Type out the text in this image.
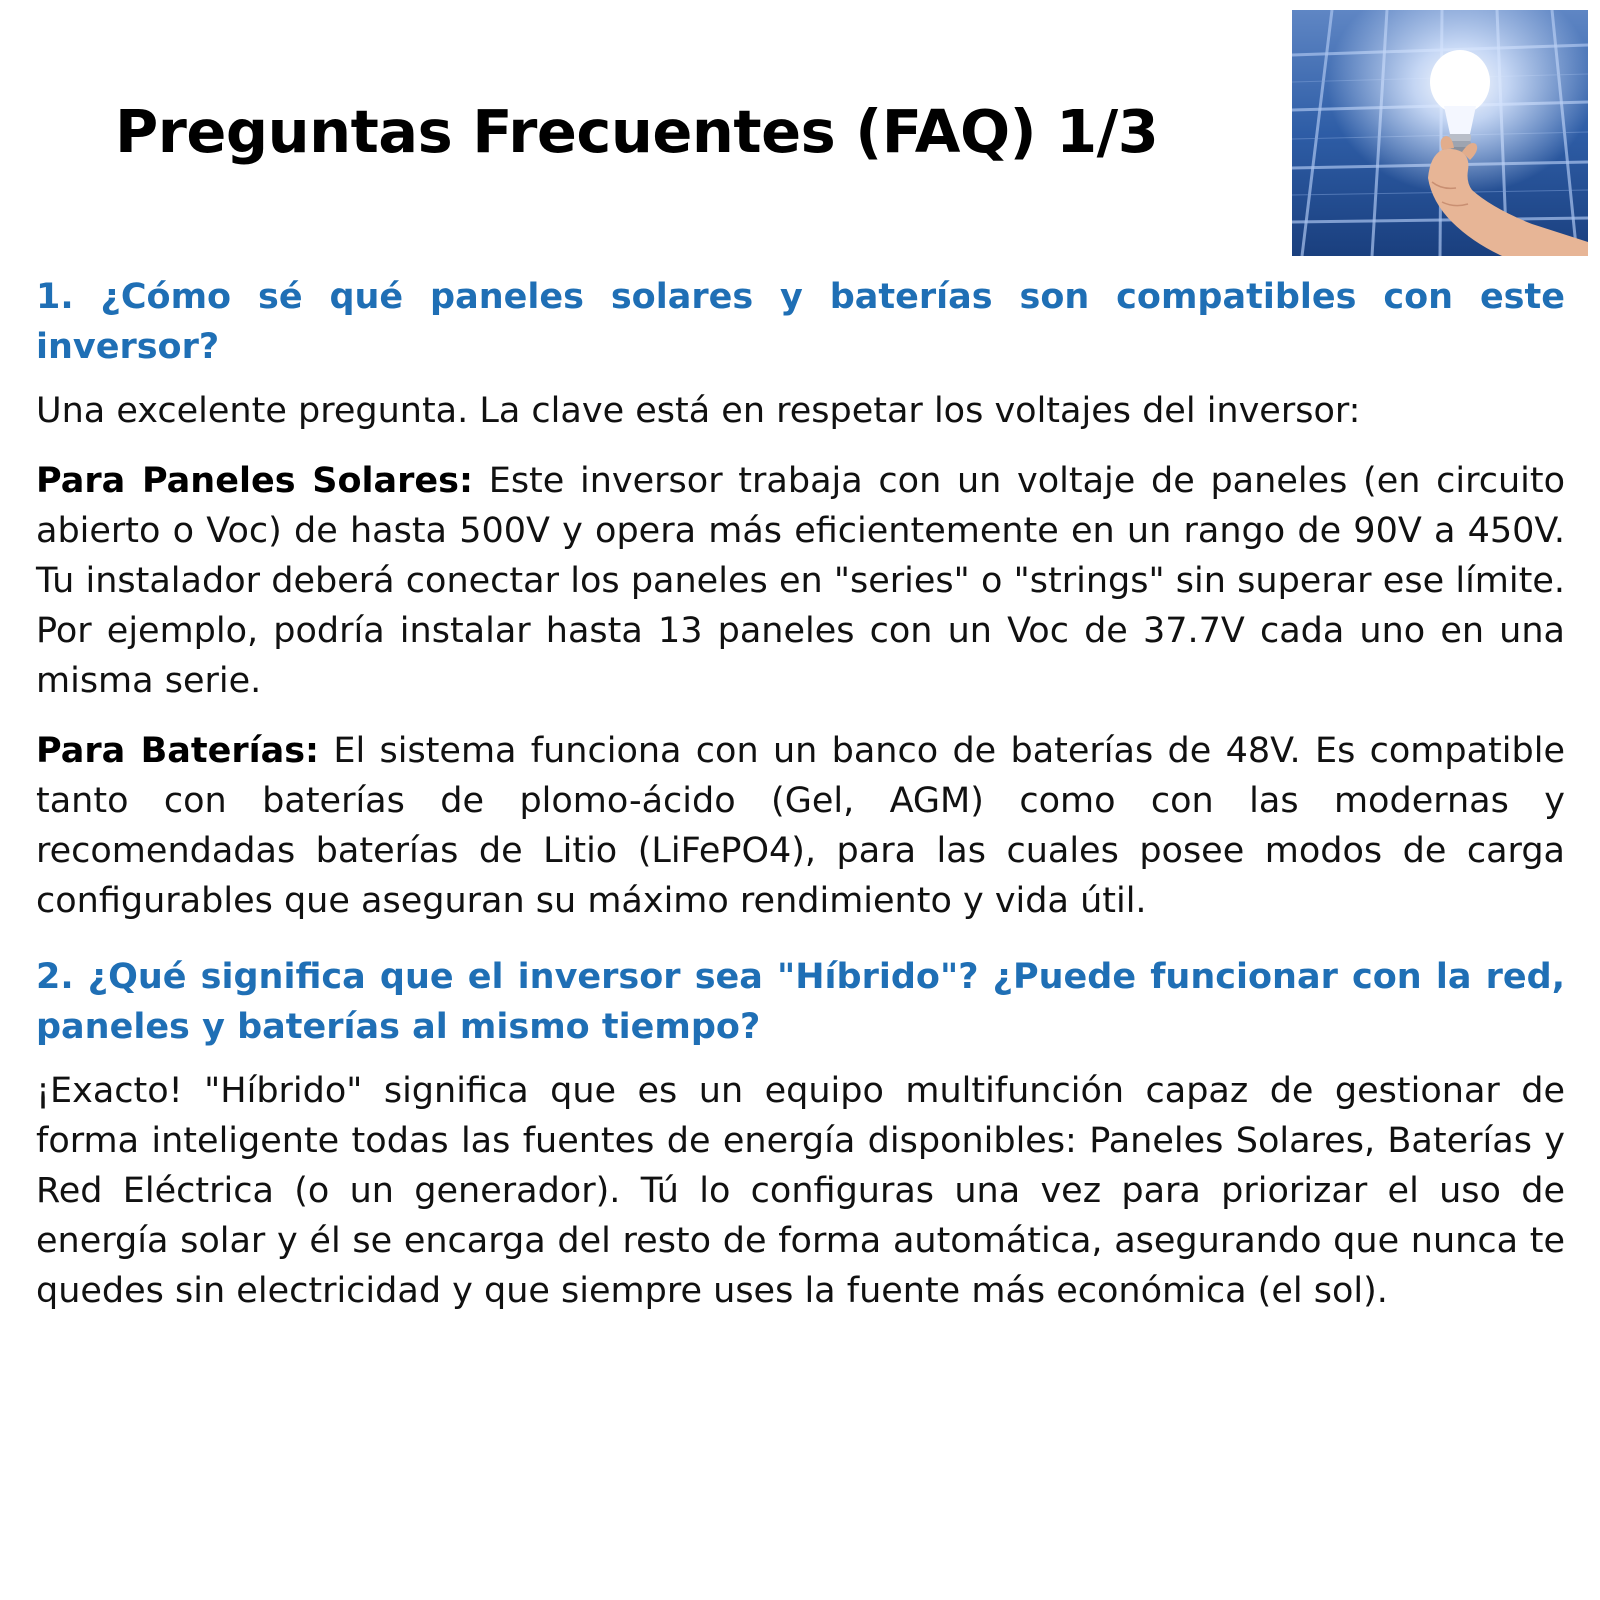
Preguntas Frecuentes (FAQ) 1/3
1. ¿Cómo sé qué paneles solares y baterías son compatibles con este inversor?

Una excelente pregunta. La clave está en respetar los voltajes del inversor:

Para Paneles Solares: Este inversor trabaja con un voltaje de paneles (en circuito abierto o Voc) de hasta 500V y opera más eficientemente en un rango de 90V a 450V. Tu instalador deberá conectar los paneles en "series" o "strings" sin superar ese límite. Por ejemplo, podría instalar hasta 13 paneles con un Voc de 37.7V cada uno en una misma serie.

Para Baterías: El sistema funciona con un banco de baterías de 48V. Es compatible tanto con baterías de plomo-ácido (Gel, AGM) como con las modernas y recomendadas baterías de Litio (LiFePO4), para las cuales posee modos de carga configurables que aseguran su máximo rendimiento y vida útil.

2. ¿Qué significa que el inversor sea "Híbrido"? ¿Puede funcionar con la red, paneles y baterías al mismo tiempo?

¡Exacto! "Híbrido" significa que es un equipo multifunción capaz de gestionar de forma inteligente todas las fuentes de energía disponibles: Paneles Solares, Baterías y Red Eléctrica (o un generador). Tú lo configuras una vez para priorizar el uso de energía solar y él se encarga del resto de forma automática, asegurando que nunca te quedes sin electricidad y que siempre uses la fuente más económica (el sol).
